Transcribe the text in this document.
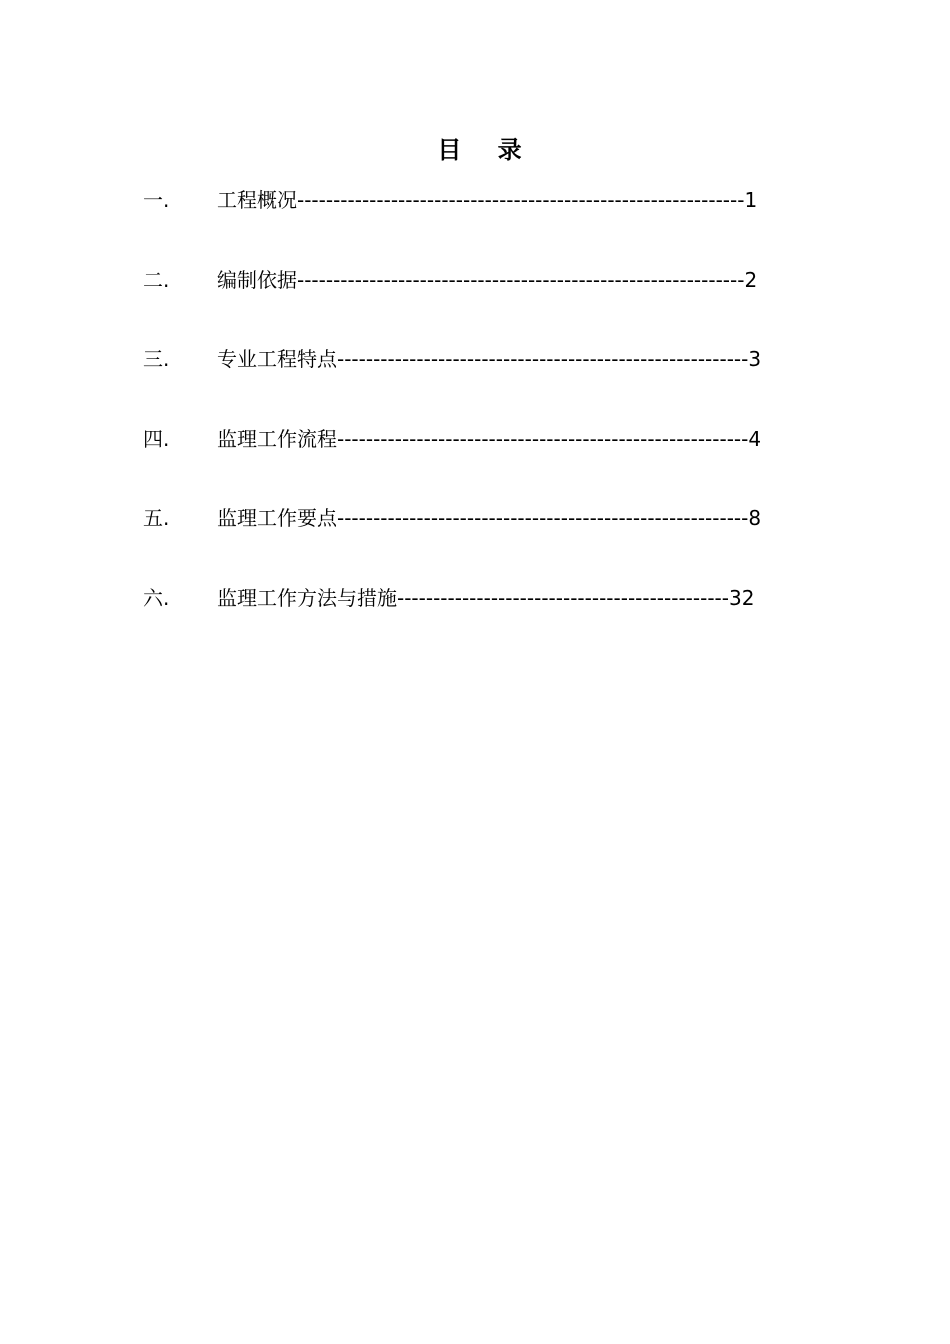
目 录
一.	工程概况 -------------------------------------------------------------- 1
二.	编制依据 -------------------------------------------------------------- 2
三.	专业工程特点 --------------------------------------------------------- 3
四.	监理工作流程 --------------------------------------------------------- 4
五.	监理工作要点 --------------------------------------------------------- 8
六.	监理工作方法与措施 ---------------------------------------------- 32
